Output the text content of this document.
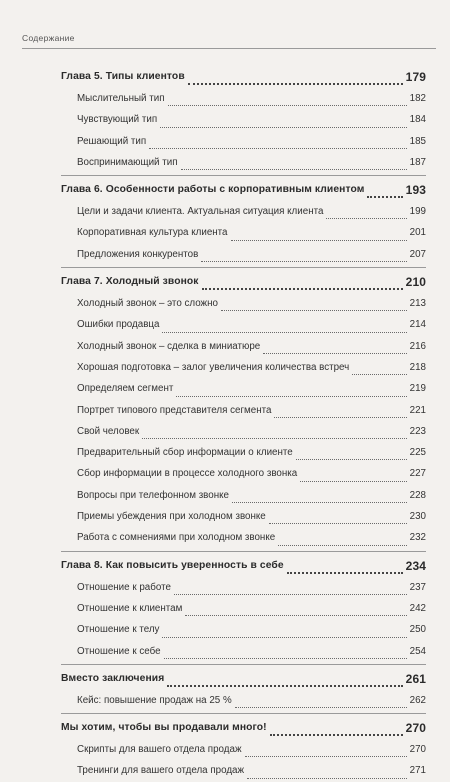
Содержание
Глава 5. Типы клиентов	179
Мыслительный тип	182
Чувствующий тип	184
Решающий тип	185
Воспринимающий тип	187
Глава 6. Особенности работы с корпоративным клиентом	193
Цели и задачи клиента. Актуальная ситуация клиента	199
Корпоративная культура клиента	201
Предложения конкурентов	207
Глава 7. Холодный звонок	210
Холодный звонок – это сложно	213
Ошибки продавца	214
Холодный звонок – сделка в миниатюре	216
Хорошая подготовка – залог увеличения количества встреч	218
Определяем сегмент	219
Портрет типового представителя сегмента	221
Свой человек	223
Предварительный сбор информации о клиенте	225
Сбор информации в процессе холодного звонка	227
Вопросы при телефонном звонке	228
Приемы убеждения при холодном звонке	230
Работа с сомнениями при холодном звонке	232
Глава 8. Как повысить уверенность в себе	234
Отношение к работе	237
Отношение к клиентам	242
Отношение к телу	250
Отношение к себе	254
Вместо заключения	261
Кейс: повышение продаж на 25 %	262
Мы хотим, чтобы вы продавали много!	270
Скрипты для вашего отдела продаж	270
Тренинги для вашего отдела продаж	271
